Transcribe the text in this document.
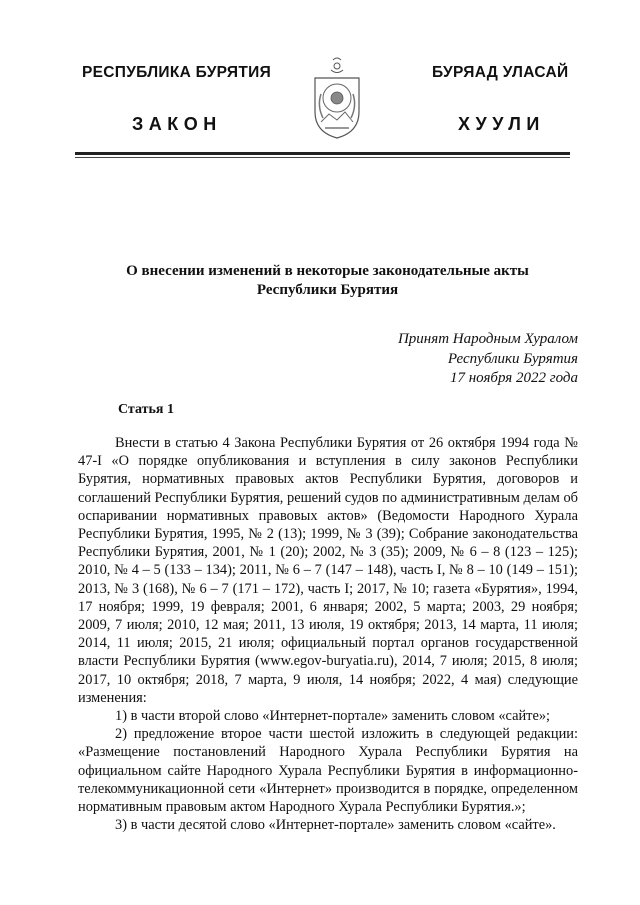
РЕСПУБЛИКА БУРЯТИЯ	БУРЯАД УЛАСАЙ
ЗАКОН	ХУУЛИ
О внесении изменений в некоторые законодательные акты
Республики Бурятия
Принят Народным Хуралом
Республики Бурятия
17 ноября 2022 года
Статья 1

Внести в статью 4 Закона Республики Бурятия от 26 октября 1994 года № 47-I «О порядке опубликования и вступления в силу законов Республики Бурятия, нормативных правовых актов Республики Бурятия, договоров и соглашений Республики Бурятия, решений судов по административным делам об оспаривании нормативных правовых актов» (Ведомости Народного Хурала Республики Бурятия, 1995, № 2 (13); 1999, № 3 (39); Собрание законодательства Республики Бурятия, 2001, № 1 (20); 2002, № 3 (35); 2009, № 6 – 8 (123 – 125); 2010, № 4 – 5 (133 – 134); 2011, № 6 – 7 (147 – 148), часть I, № 8 – 10 (149 – 151); 2013, № 3 (168), № 6 – 7 (171 – 172), часть I; 2017, № 10; газета «Бурятия», 1994, 17 ноября; 1999, 19 февраля; 2001, 6 января; 2002, 5 марта; 2003, 29 ноября; 2009, 7 июля; 2010, 12 мая; 2011, 13 июля, 19 октября; 2013, 14 марта, 11 июля; 2014, 11 июля; 2015, 21 июля; официальный портал органов государственной власти Республики Бурятия (www.egov-buryatia.ru), 2014, 7 июля; 2015, 8 июля; 2017, 10 октября; 2018, 7 марта, 9 июля, 14 ноября; 2022, 4 мая) следующие изменения:

1) в части второй слово «Интернет-портале» заменить словом «сайте»;

2) предложение второе части шестой изложить в следующей редакции: «Размещение постановлений Народного Хурала Республики Бурятия на официальном сайте Народного Хурала Республики Бурятия в информационно-телекоммуникационной сети «Интернет» производится в порядке, определенном нормативным правовым актом Народного Хурала Республики Бурятия.»;

3) в части десятой слово «Интернет-портале» заменить словом «сайте».
